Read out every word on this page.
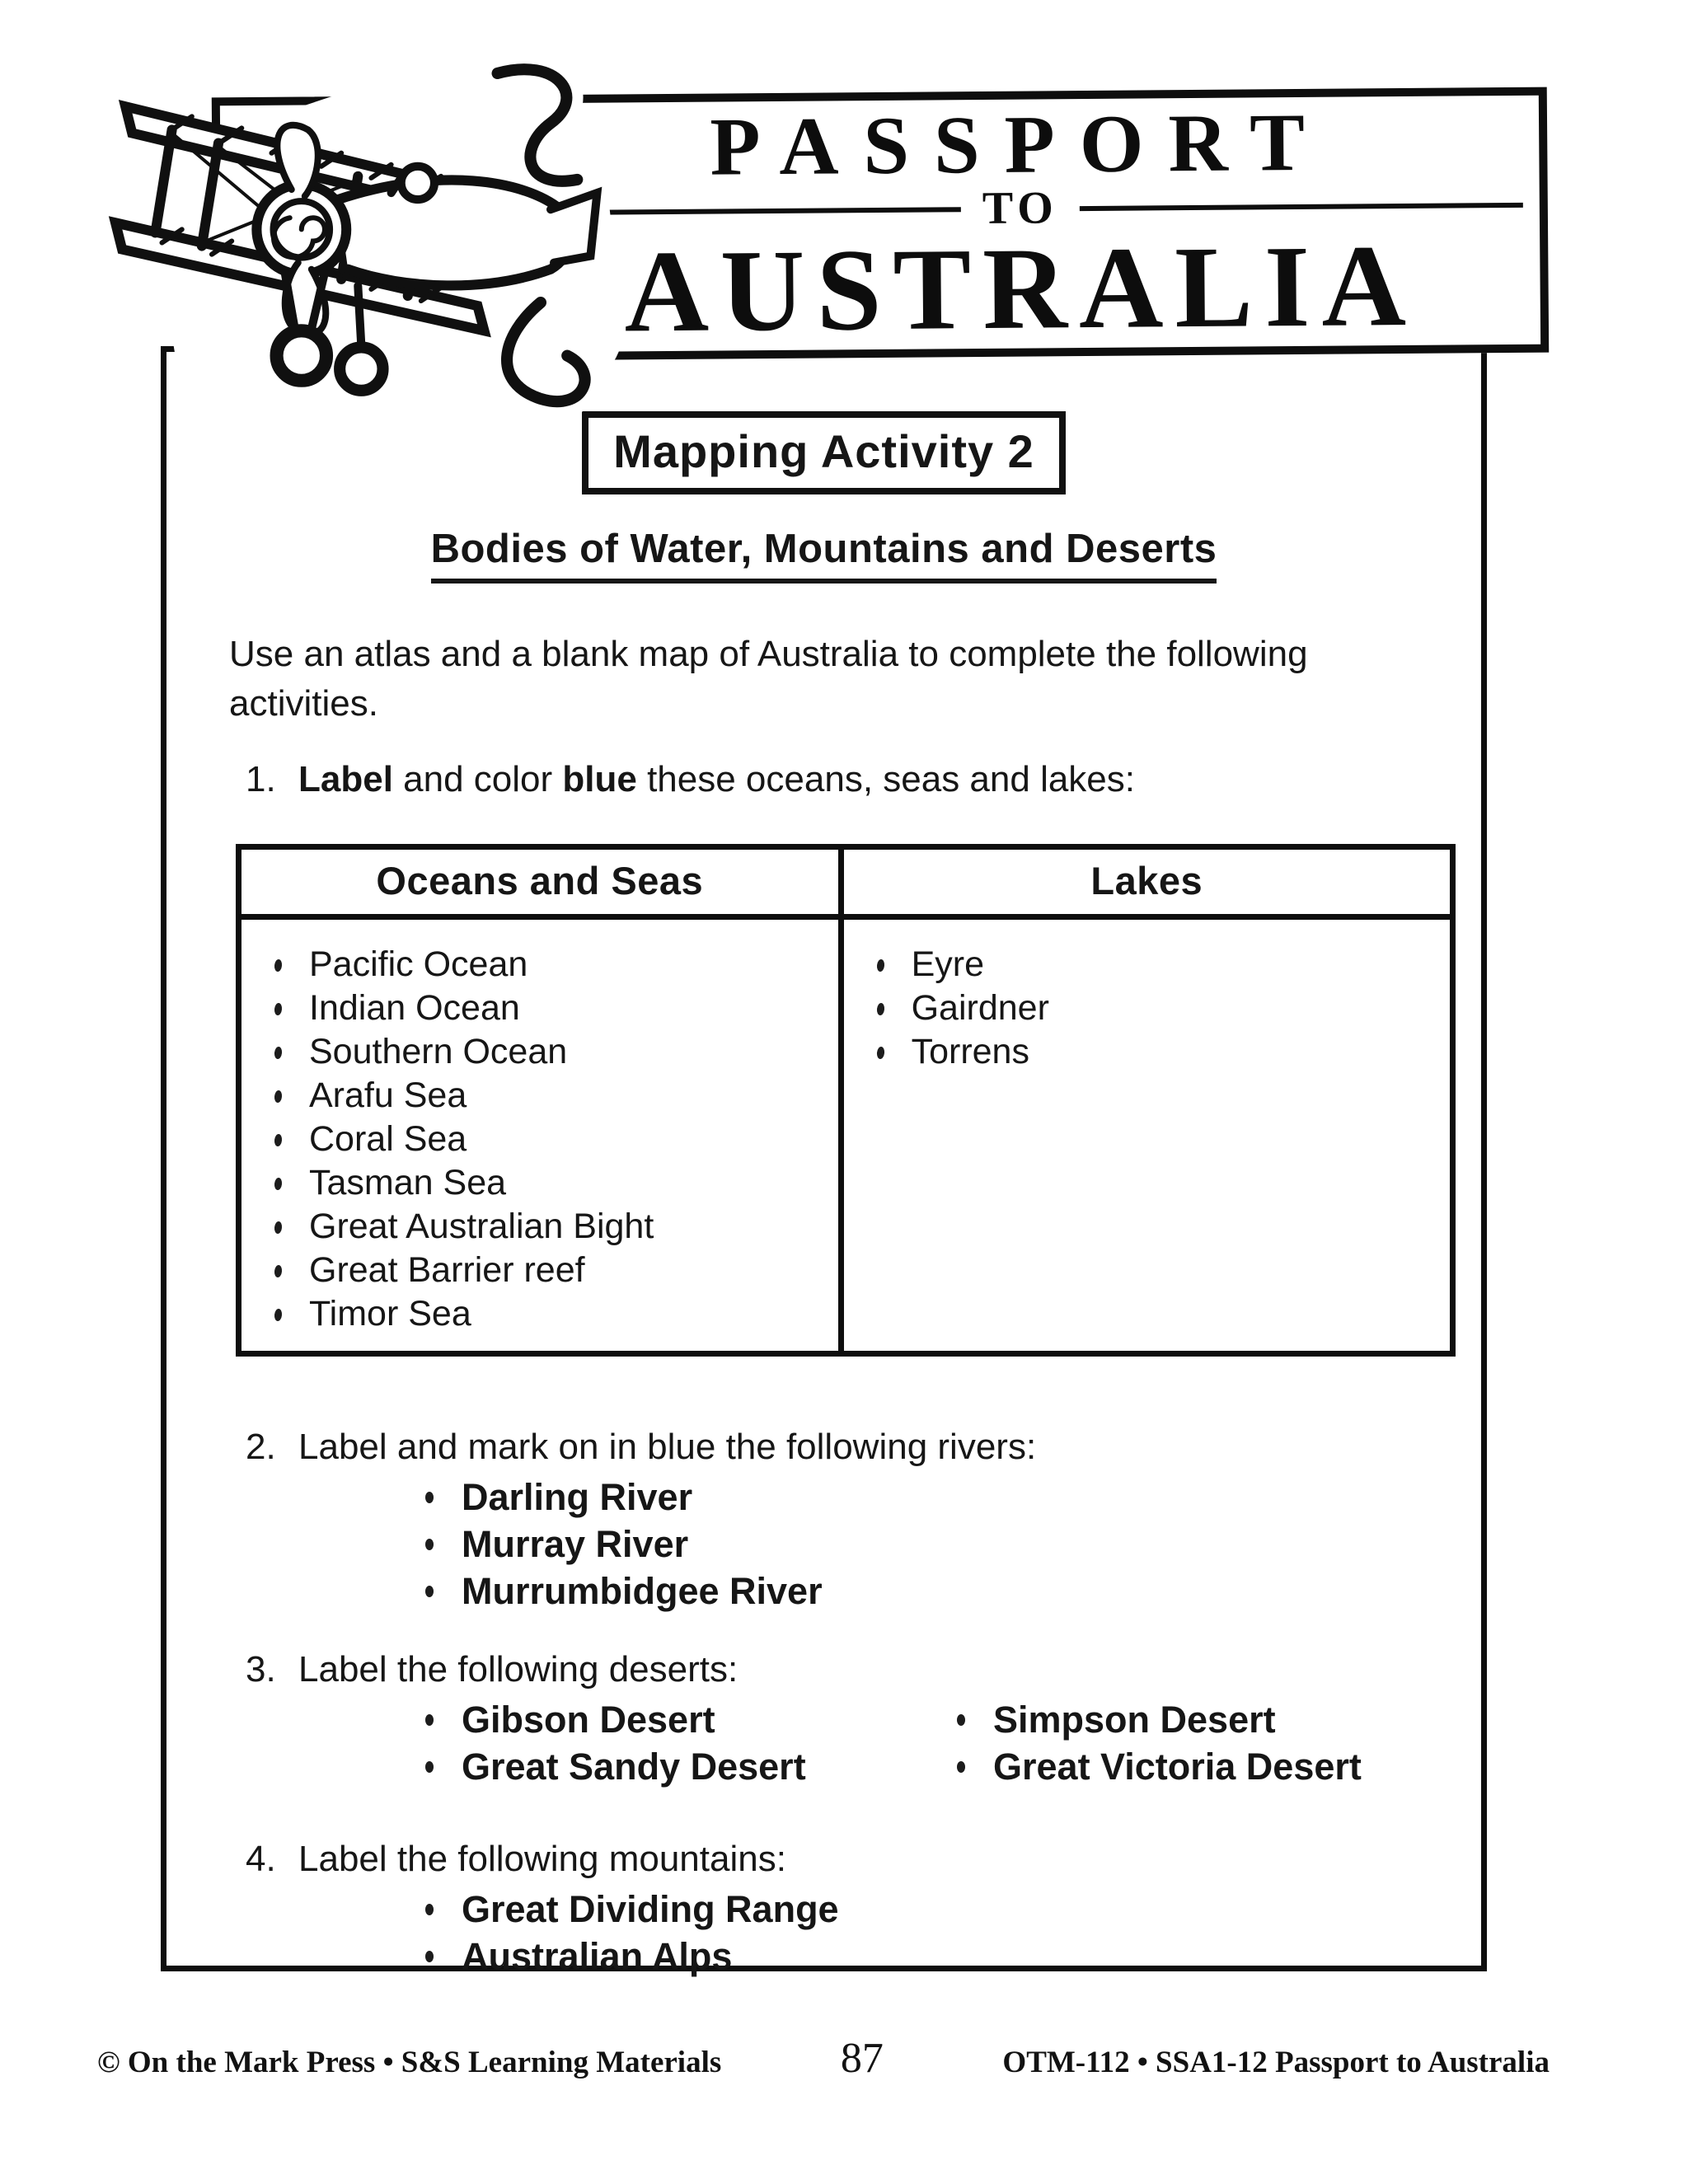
PASSPORT
TO
AUSTRALIA
Mapping Activity 2
Bodies of Water, Mountains and Deserts

Use an atlas and a blank map of Australia to complete the following activities.

1. Label and color blue these oceans, seas and lakes:
Oceans and Seas	Lakes

Pacific Ocean
Indian Ocean
Southern Ocean
Arafu Sea
Coral Sea
Tasman Sea
Great Australian Bight
Great Barrier reef
Timor Sea

Eyre
Gairdner
Torrens
2. Label and mark on in blue the following rivers:
Darling River
Murray River
Murrumbidgee River
3. Label the following deserts:
Gibson Desert
Great Sandy Desert
Simpson Desert
Great Victoria Desert
4. Label the following mountains:
Great Dividing Range
Australian Alps
© On the Mark Press • S&S Learning Materials	87	OTM-112 • SSA1-12 Passport to Australia
